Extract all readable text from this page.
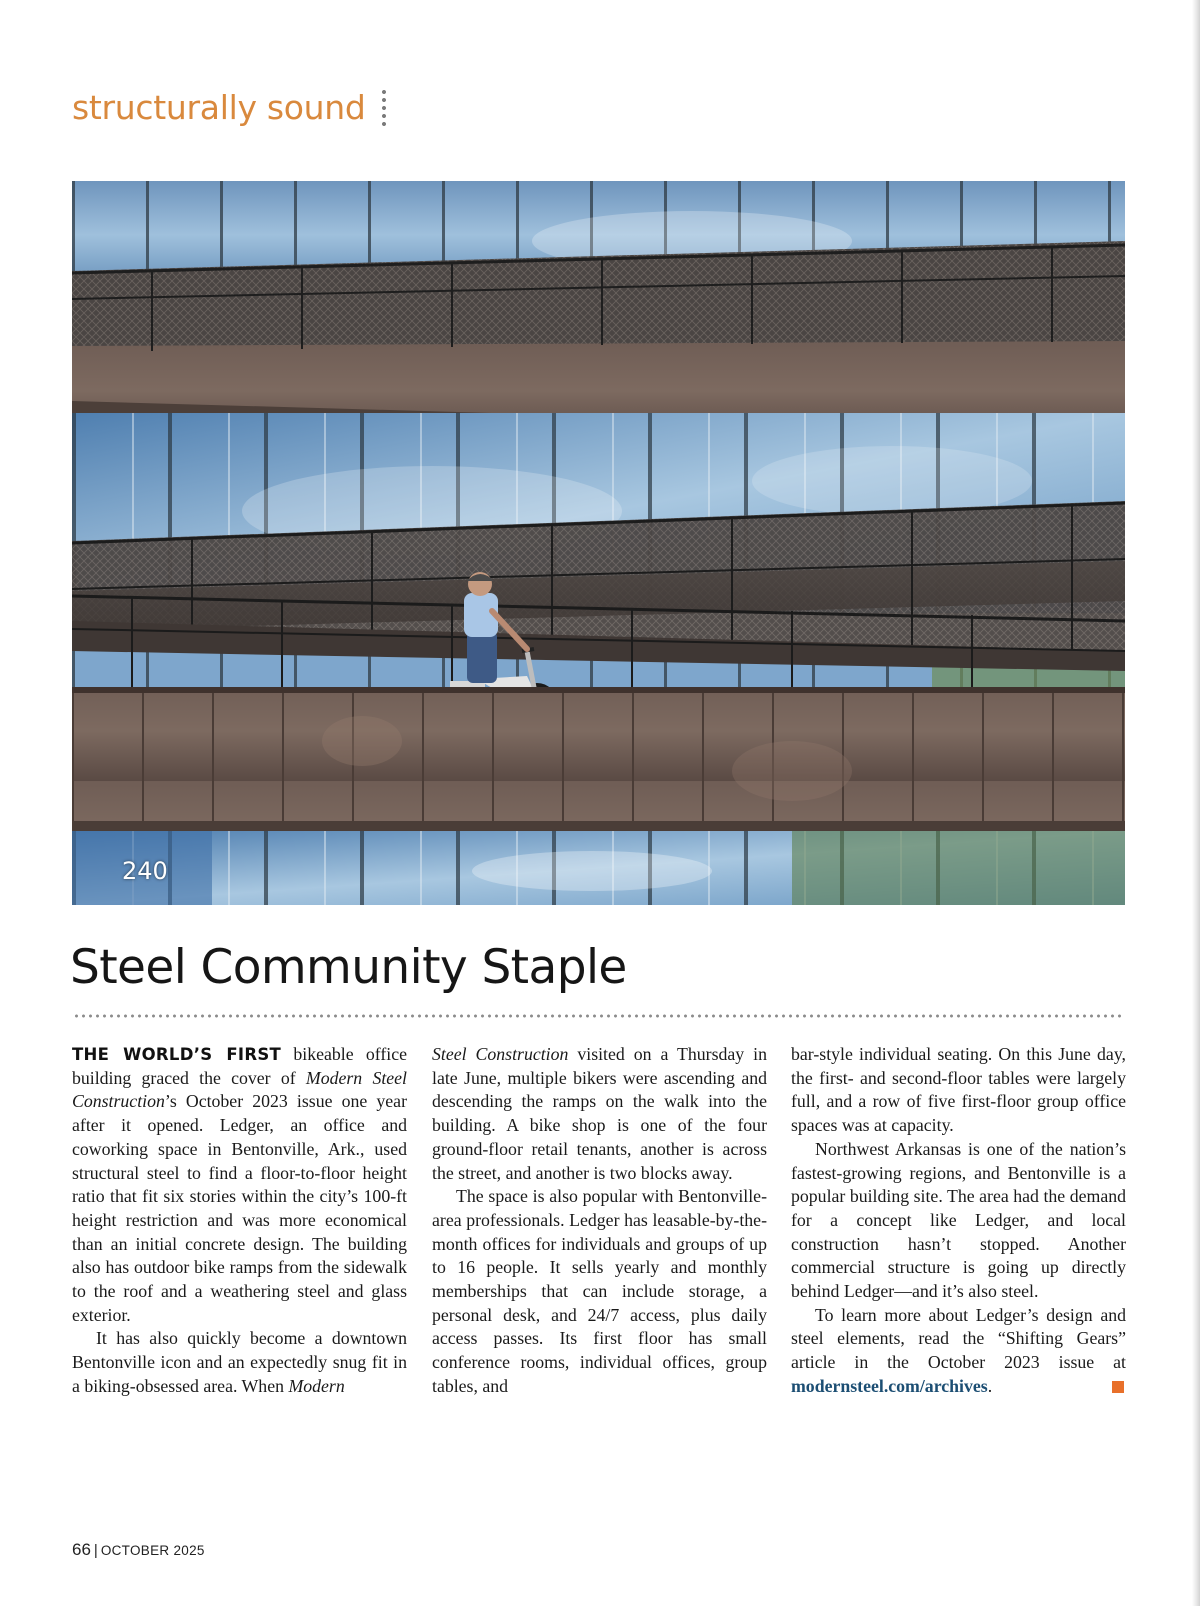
structurally sound
240
Steel Community Staple

THE WORLD’S FIRST bikeable office building graced the cover of Modern Steel Construction’s October 2023 issue one year after it opened. Ledger, an office and coworking space in Bentonville, Ark., used structural steel to find a floor-to-floor height ratio that fit six stories within the city’s 100-ft height restriction and was more economical than an initial concrete design. The building also has outdoor bike ramps from the sidewalk to the roof and a weathering steel and glass exterior.

It has also quickly become a downtown Bentonville icon and an expectedly snug fit in a biking-obsessed area. When Modern

Steel Construction visited on a Thursday in late June, multiple bikers were ascending and descending the ramps on the walk into the building. A bike shop is one of the four ground-floor retail tenants, another is across the street, and another is two blocks away.

The space is also popular with Bentonville-area professionals. Ledger has leasable-by-the-month offices for individuals and groups of up to 16 people. It sells yearly and monthly memberships that can include storage, a personal desk, and 24/7 access, plus daily access passes. Its first floor has small conference rooms, individual offices, group tables, and

bar-style individual seating. On this June day, the first- and second-floor tables were largely full, and a row of five first-floor group office spaces was at capacity.

Northwest Arkansas is one of the nation’s fastest-growing regions, and Bentonville is a popular building site. The area had the demand for a concept like Ledger, and local construction hasn’t stopped. Another commercial structure is going up directly behind Ledger—and it’s also steel.

To learn more about Ledger’s design and steel elements, read the “Shifting Gears” article in the October 2023 issue at modernsteel.com/archives.

66 | OCTOBER 2025
